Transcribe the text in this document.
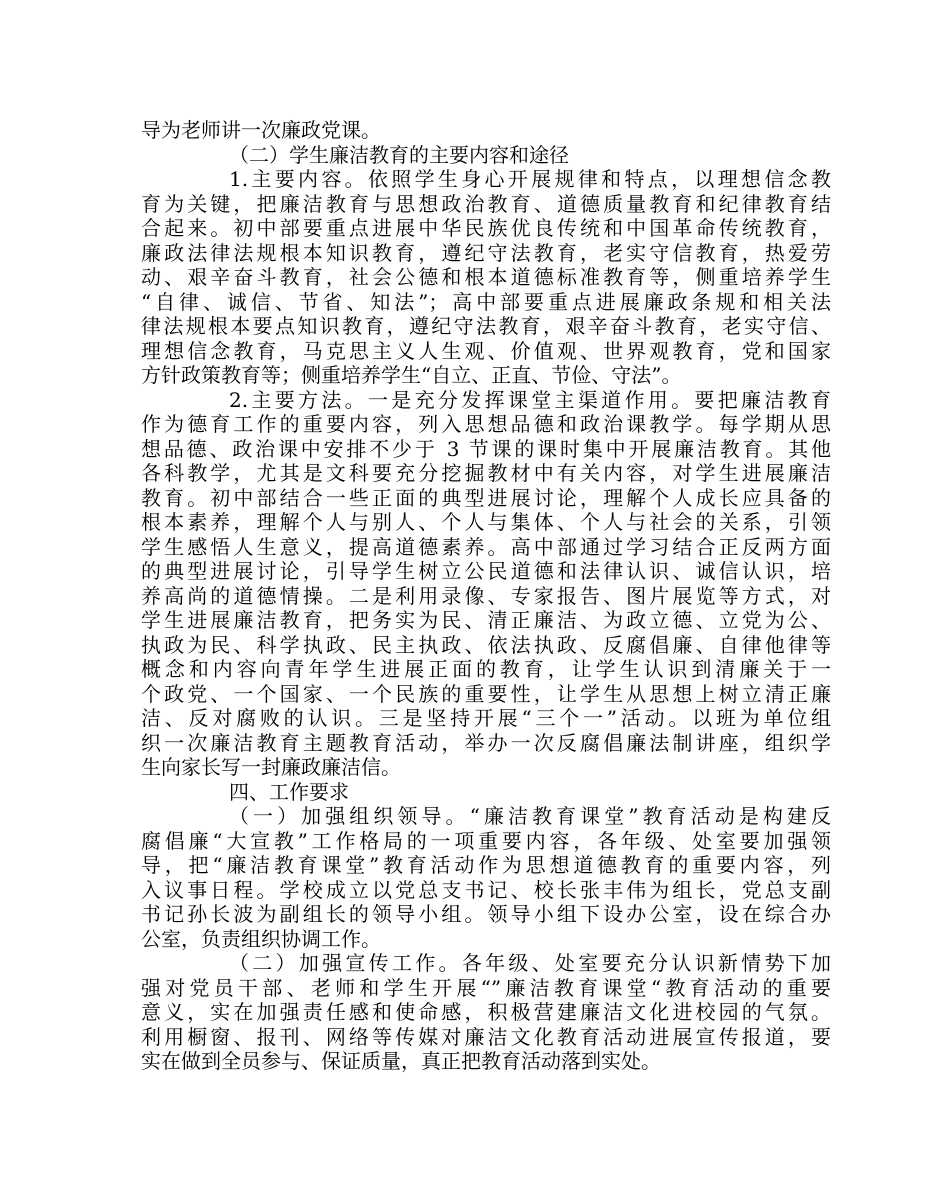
导为老师讲一次廉政党课。
（二）学生廉洁教育的主要内容和途径
1.主要内容。依照学生身心开展规律和特点，以理想信念教
育为关键，把廉洁教育与思想政治教育、道德质量教育和纪律教育结
合起来。初中部要重点进展中华民族优良传统和中国革命传统教育，
廉政法律法规根本知识教育，遵纪守法教育，老实守信教育，热爱劳
动、艰辛奋斗教育，社会公德和根本道德标准教育等，侧重培养学生
“自律、诚信、节省、知法”；高中部要重点进展廉政条规和相关法
律法规根本要点知识教育，遵纪守法教育，艰辛奋斗教育，老实守信、
理想信念教育，马克思主义人生观、价值观、世界观教育，党和国家
方针政策教育等；侧重培养学生“自立、正直、节俭、守法”。
2.主要方法。一是充分发挥课堂主渠道作用。要把廉洁教育
作为德育工作的重要内容，列入思想品德和政治课教学。每学期从思
想品德、政治课中安排不少于 3 节课的课时集中开展廉洁教育。其他
各科教学，尤其是文科要充分挖掘教材中有关内容，对学生进展廉洁
教育。初中部结合一些正面的典型进展讨论，理解个人成长应具备的
根本素养，理解个人与别人、个人与集体、个人与社会的关系，引领
学生感悟人生意义，提高道德素养。高中部通过学习结合正反两方面
的典型进展讨论，引导学生树立公民道德和法律认识、诚信认识，培
养高尚的道德情操。二是利用录像、专家报告、图片展览等方式，对
学生进展廉洁教育，把务实为民、清正廉洁、为政立德、立党为公、
执政为民、科学执政、民主执政、依法执政、反腐倡廉、自律他律等
概念和内容向青年学生进展正面的教育，让学生认识到清廉关于一
个政党、一个国家、一个民族的重要性，让学生从思想上树立清正廉
洁、反对腐败的认识。三是坚持开展“三个一”活动。以班为单位组
织一次廉洁教育主题教育活动，举办一次反腐倡廉法制讲座，组织学
生向家长写一封廉政廉洁信。
四、工作要求
（一）加强组织领导。“廉洁教育课堂”教育活动是构建反
腐倡廉“大宣教”工作格局的一项重要内容，各年级、处室要加强领
导，把“廉洁教育课堂”教育活动作为思想道德教育的重要内容，列
入议事日程。学校成立以党总支书记、校长张丰伟为组长，党总支副
书记孙长波为副组长的领导小组。领导小组下设办公室，设在综合办
公室，负责组织协调工作。
（二）加强宣传工作。各年级、处室要充分认识新情势下加
强对党员干部、老师和学生开展“”廉洁教育课堂“教育活动的重要
意义，实在加强责任感和使命感，积极营建廉洁文化进校园的气氛。
利用橱窗、报刊、网络等传媒对廉洁文化教育活动进展宣传报道，要
实在做到全员参与、保证质量，真正把教育活动落到实处。
